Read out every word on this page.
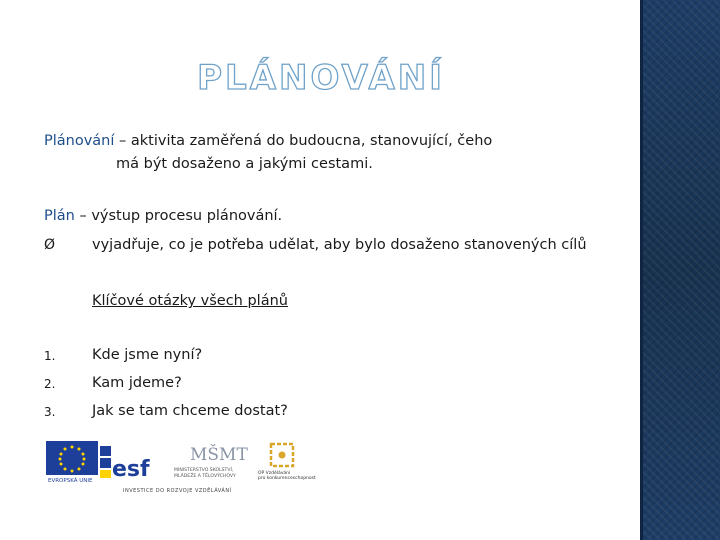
PLÁNOVÁNÍ
Plánování – aktivita zaměřená do budoucna, stanovující, čeho
má být dosaženo a jakými cestami.
Plán – výstup procesu plánování.
Ø	vyjadřuje, co je potřeba udělat, aby bylo dosaženo stanovených cílů
Klíčové otázky všech plánů
1.	Kde jsme nyní?
2.	Kam jdeme?
3.	Jak se tam chceme dostat?
EVROPSKÁ UNIE esf
MŠMT
MINISTERSTVO ŠKOLSTVÍ,
MLÁDEŽE A TĚLOVÝCHOVY
OP Vzdělávání
pro konkurenceschopnost
INVESTICE DO ROZVOJE VZDĚLÁVÁNÍ
